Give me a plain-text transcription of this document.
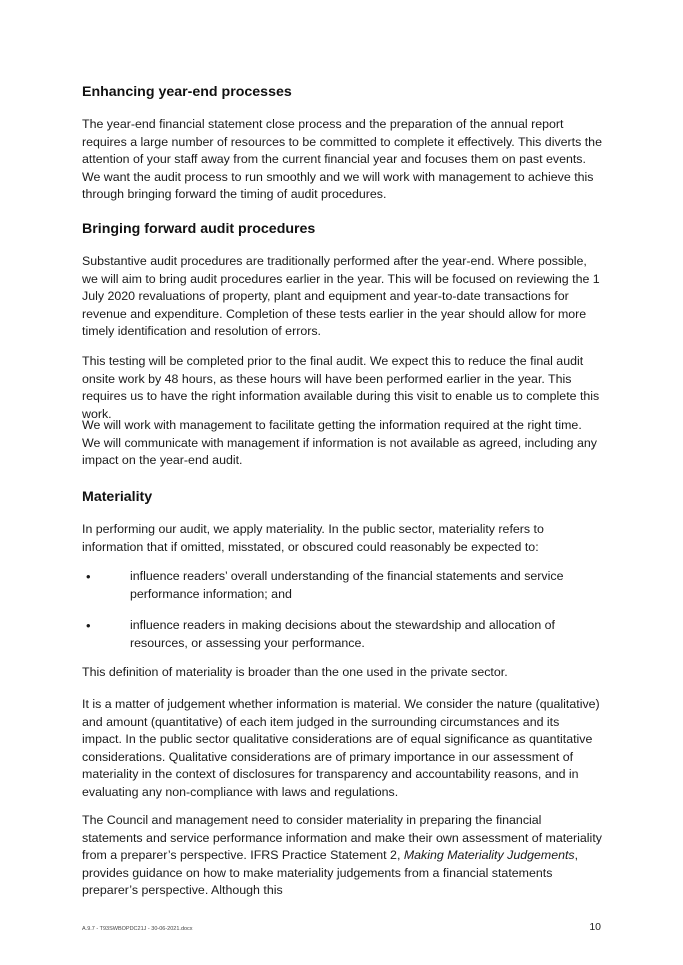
Enhancing year-end processes

The year-end financial statement close process and the preparation of the annual report requires a large number of resources to be committed to complete it effectively. This diverts the attention of your staff away from the current financial year and focuses them on past events. We want the audit process to run smoothly and we will work with management to achieve this through bringing forward the timing of audit procedures.

Bringing forward audit procedures

Substantive audit procedures are traditionally performed after the year-end. Where possible, we will aim to bring audit procedures earlier in the year. This will be focused on reviewing the 1 July 2020 revaluations of property, plant and equipment and year-to-date transactions for revenue and expenditure. Completion of these tests earlier in the year should allow for more timely identification and resolution of errors.

This testing will be completed prior to the final audit. We expect this to reduce the final audit onsite work by 48 hours, as these hours will have been performed earlier in the year. This requires us to have the right information available during this visit to enable us to complete this work.

We will work with management to facilitate getting the information required at the right time. We will communicate with management if information is not available as agreed, including any impact on the year-end audit.

Materiality

In performing our audit, we apply materiality. In the public sector, materiality refers to information that if omitted, misstated, or obscured could reasonably be expected to:

•	influence readers’ overall understanding of the financial statements and service performance information; and
•	influence readers in making decisions about the stewardship and allocation of resources, or assessing your performance.

This definition of materiality is broader than the one used in the private sector.

It is a matter of judgement whether information is material. We consider the nature (qualitative) and amount (quantitative) of each item judged in the surrounding circumstances and its impact. In the public sector qualitative considerations are of equal significance as quantitative considerations. Qualitative considerations are of primary importance in our assessment of materiality in the context of disclosures for transparency and accountability reasons, and in evaluating any non-compliance with laws and regulations.

The Council and management need to consider materiality in preparing the financial statements and service performance information and make their own assessment of materiality from a preparer’s perspective. IFRS Practice Statement 2, Making Materiality Judgements, provides guidance on how to make materiality judgements from a financial statements preparer’s perspective. Although this

A.9.7 - T93SWBOPDC21J - 30-06-2021.docx	10
